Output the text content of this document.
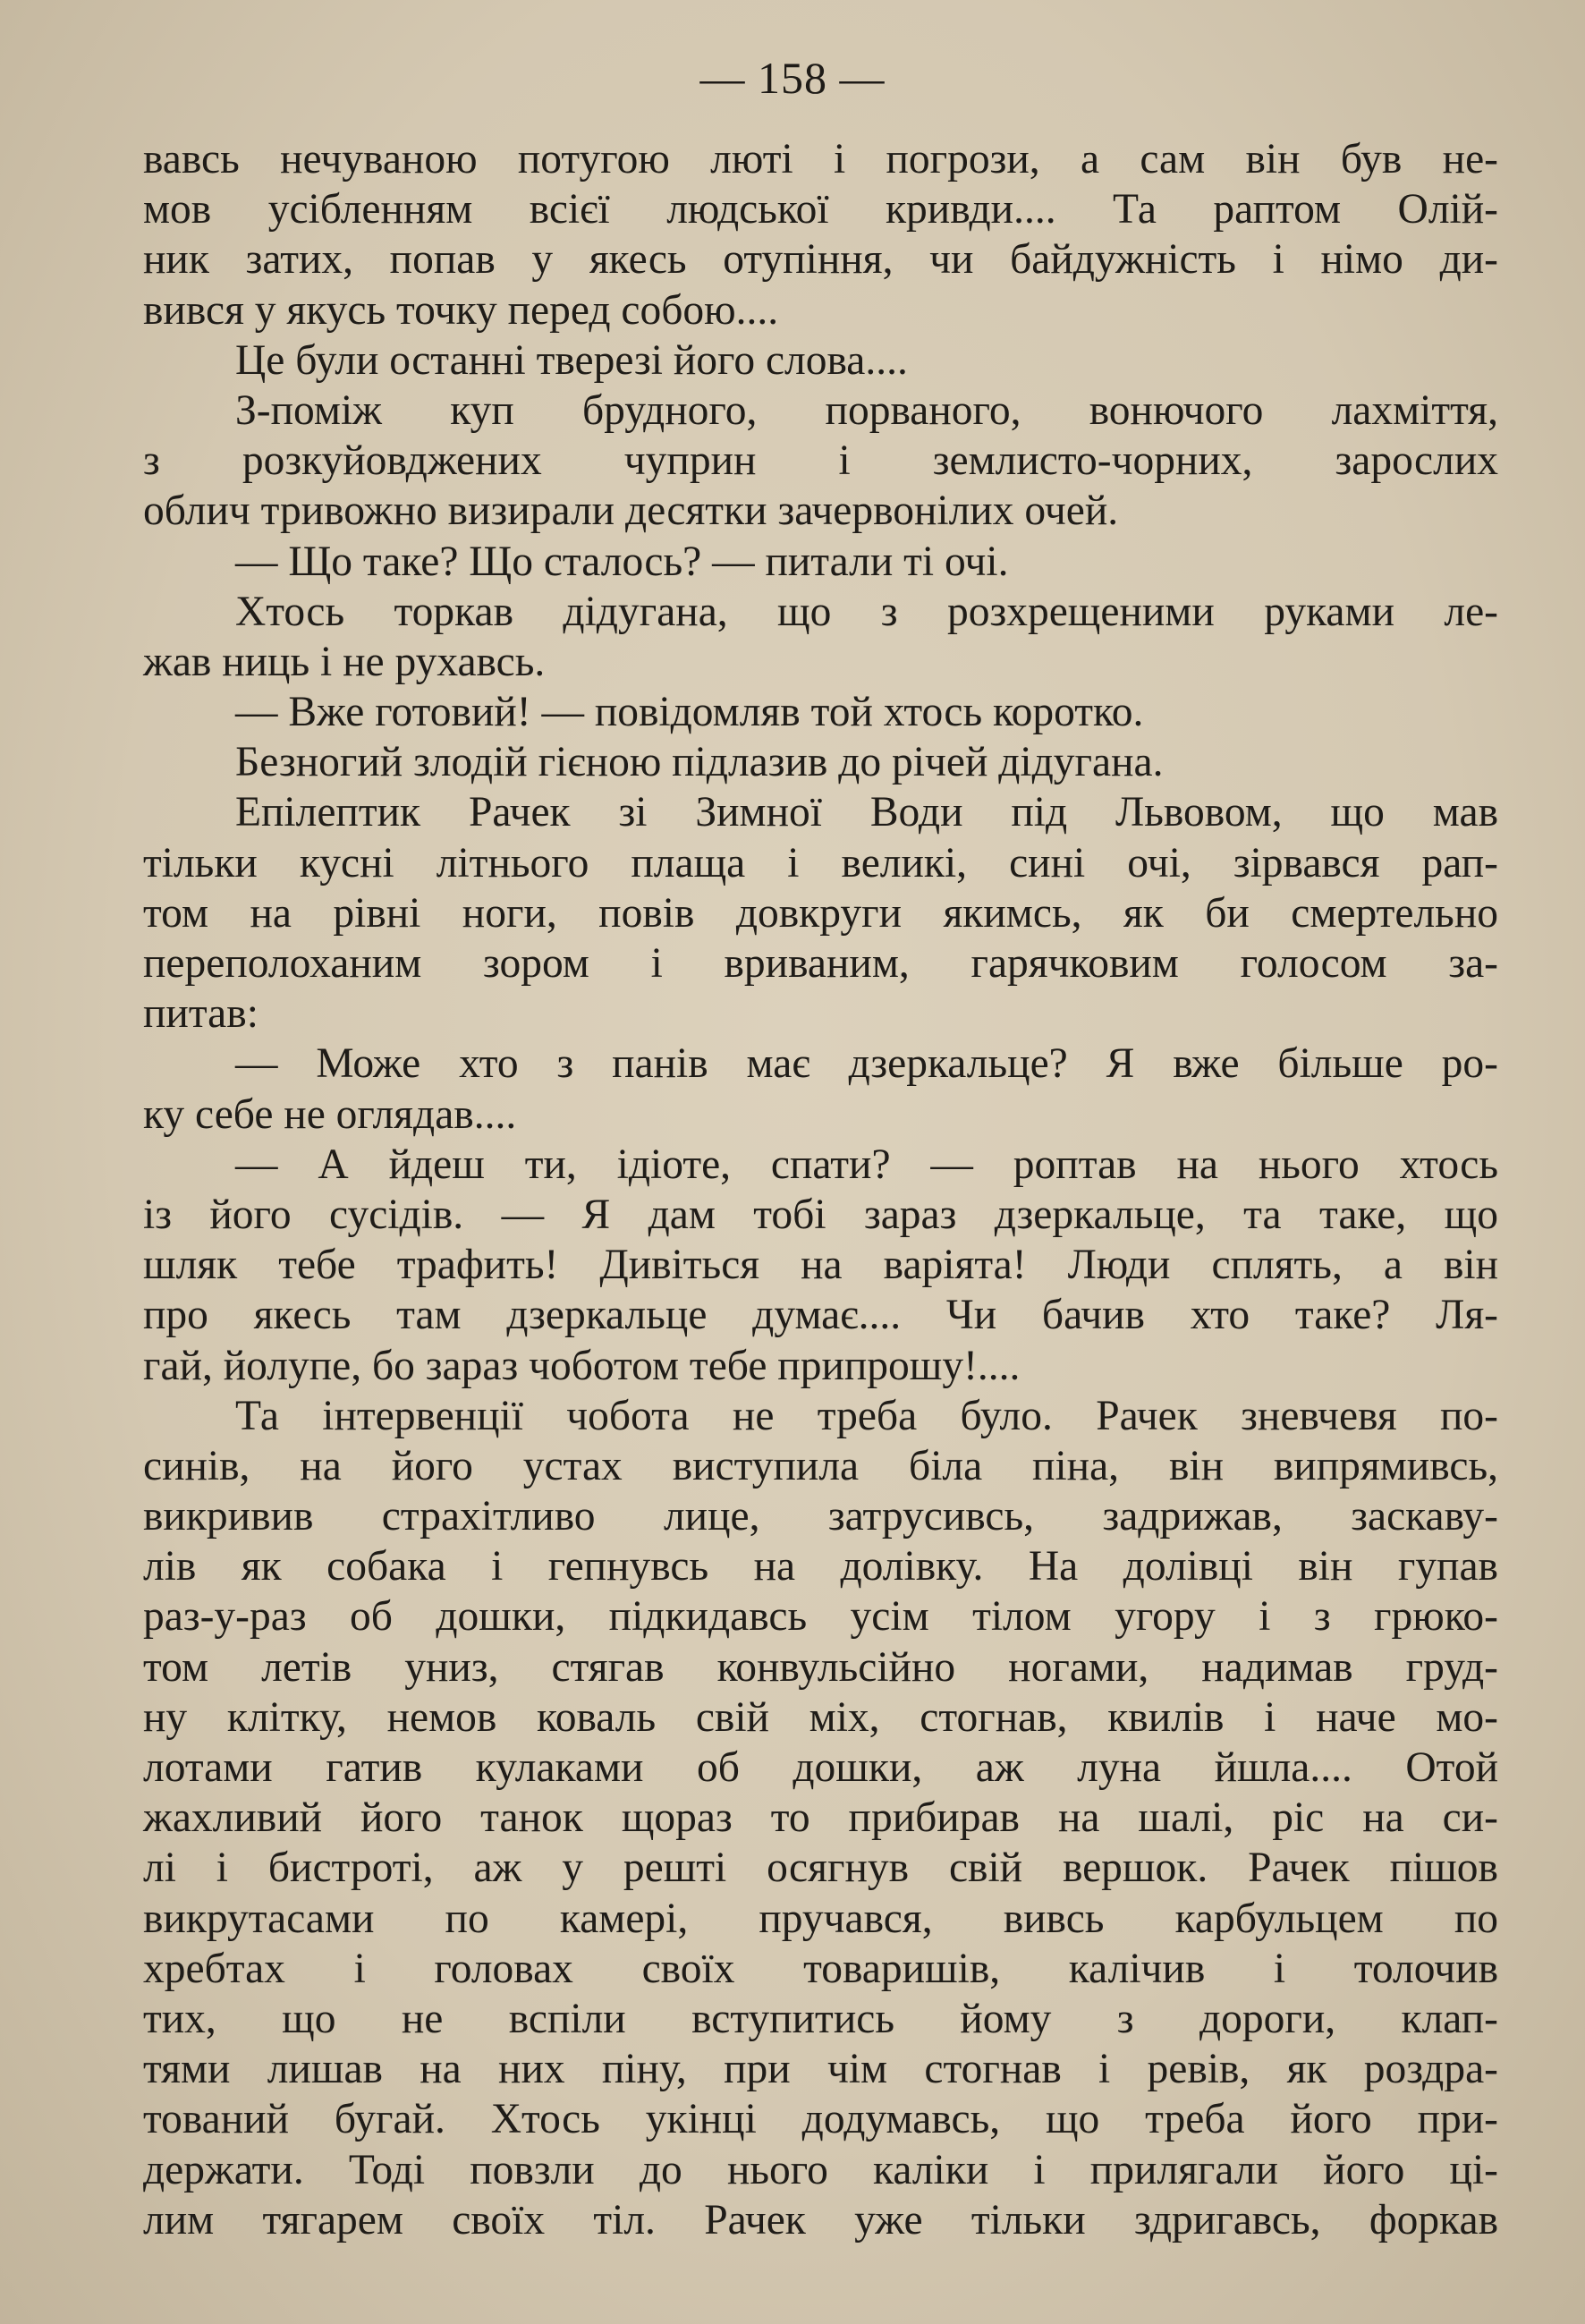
— 158 —
вавсь нечуваною потугою люті і погрози, а сам він був не-
мов усібленням всієї людської кривди.... Та раптом Олій-
ник затих, попав у якесь отупіння, чи байдужність і німо ди-
вився у якусь точку перед собою....
Це були останні тверезі його слова....
З-поміж куп брудного, порваного, вонючого лахміття,
з розкуйовджених чуприн і землисто-чорних, зарослих
облич тривожно визирали десятки зачервонілих очей.
— Що таке? Що сталось? — питали ті очі.
Хтось торкав дідугана, що з розхрещеними руками ле-
жав ниць і не рухавсь.
— Вже готовий! — повідомляв той хтось коротко.
Безногий злодій гієною підлазив до річей дідугана.
Епілептик Рачек зі Зимної Води під Львовом, що мав
тільки кусні літнього плаща і великі, сині очі, зірвався рап-
том на рівні ноги, повів довкруги якимсь, як би смертельно
переполоханим зором і вриваним, гарячковим голосом за-
питав:
— Може хто з панів має дзеркальце? Я вже більше ро-
ку себе не оглядав....
— А йдеш ти, ідіоте, спати? — роптав на нього хтось
із його сусідів. — Я дам тобі зараз дзеркальце, та таке, що
шляк тебе трафить! Дивіться на варіята! Люди сплять, а він
про якесь там дзеркальце думає.... Чи бачив хто таке? Ля-
гай, йолупе, бо зараз чоботом тебе припрошу!....
Та інтервенції чобота не треба було. Рачек зневчевя по-
синів, на його устах виступила біла піна, він випрямивсь,
викривив страхітливо лице, затрусивсь, задрижав, заскаву-
лів як собака і гепнувсь на долівку. На долівці він гупав
раз-у-раз об дошки, підкидавсь усім тілом угору і з грюко-
том летів униз, стягав конвульсійно ногами, надимав груд-
ну клітку, немов коваль свій міх, стогнав, квилів і наче мо-
лотами гатив кулаками об дошки, аж луна йшла.... Отой
жахливий його танок щораз то прибирав на шалі, ріс на си-
лі і бистроті, аж у решті осягнув свій вершок. Рачек пішов
викрутасами по камері, пручався, вивсь карбульцем по
хребтах і головах своїх товаришів, калічив і толочив
тих, що не вспіли вступитись йому з дороги, клап-
тями лишав на них піну, при чім стогнав і ревів, як роздра-
тований бугай. Хтось укінці додумавсь, що треба його при-
держати. Тоді повзли до нього каліки і прилягали його ці-
лим тягарем своїх тіл. Рачек уже тільки здригавсь, форкав
